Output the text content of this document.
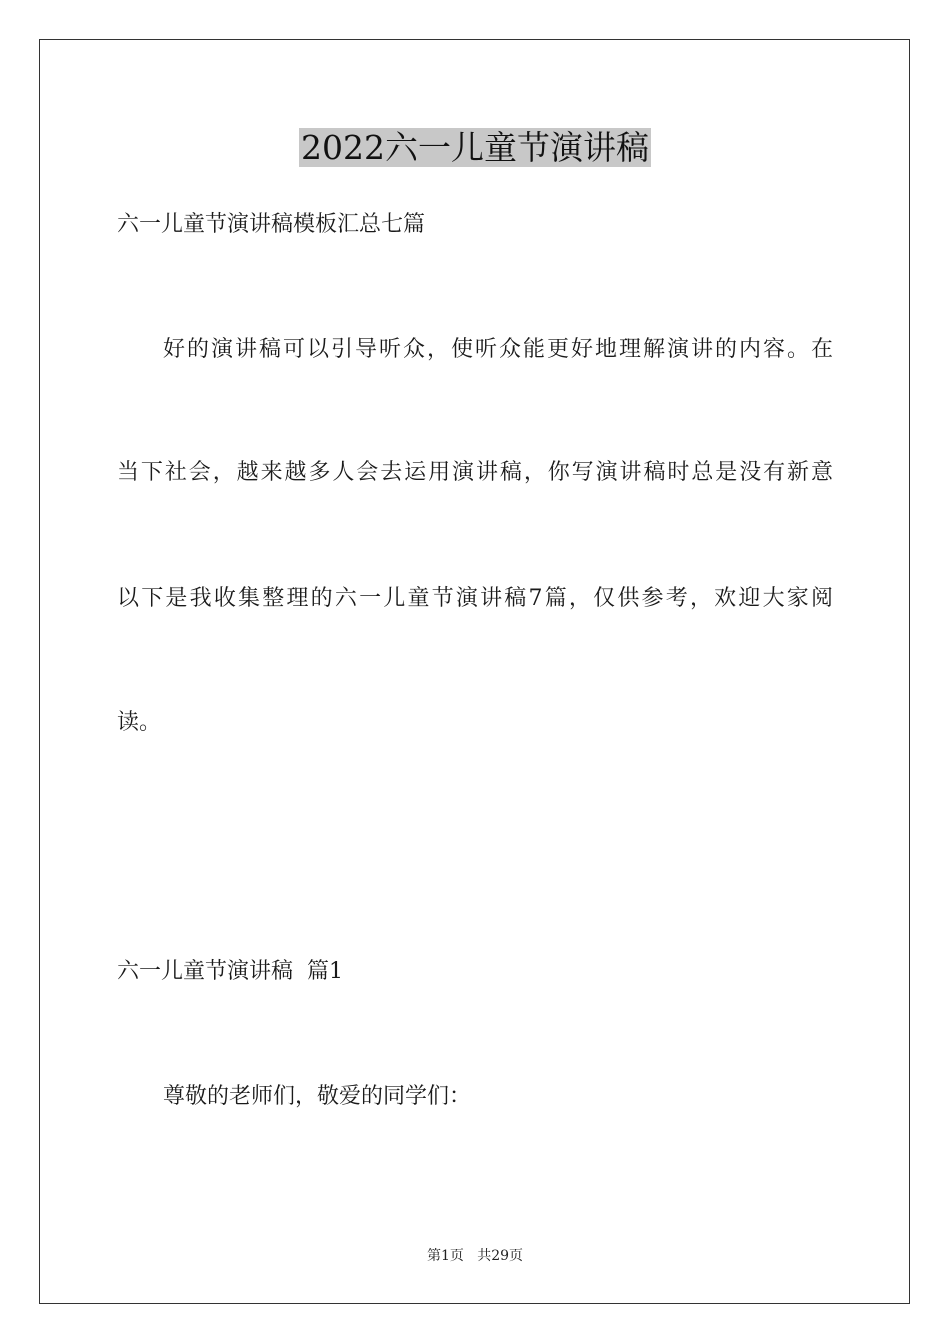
2022六一儿童节演讲稿
六一儿童节演讲稿模板汇总七篇
好的演讲稿可以引导听众，使听众能更好地理解演讲的内容。在
当下社会，越来越多人会去运用演讲稿，你写演讲稿时总是没有新意
以下是我收集整理的六一儿童节演讲稿7篇，仅供参考，欢迎大家阅
读。
六一儿童节演讲稿  篇1
尊敬的老师们，敬爱的同学们：
第1页   共29页
